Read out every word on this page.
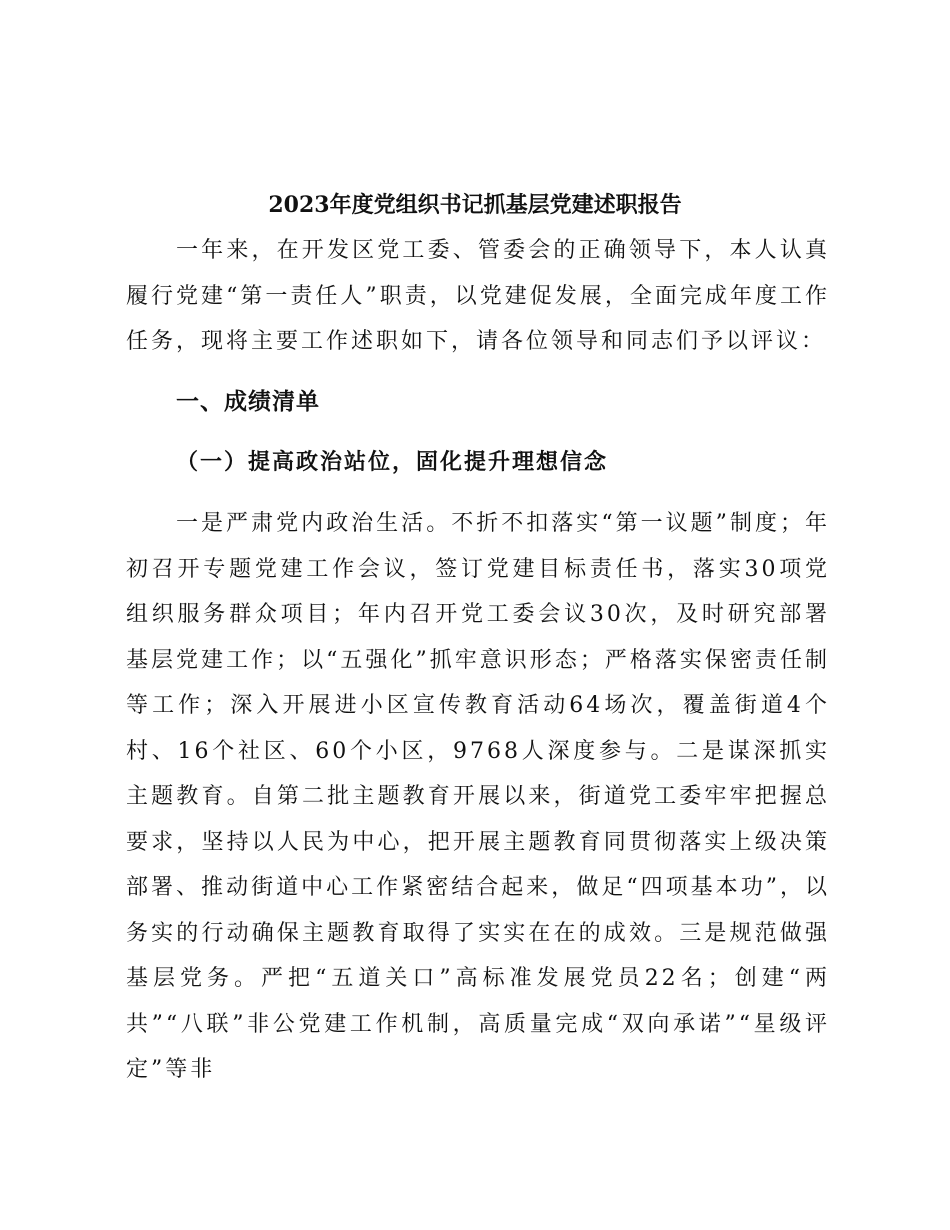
2023年度党组织书记抓基层党建述职报告

一年来，在开发区党工委、管委会的正确领导下，本人认真履行党建“第一责任人”职责，以党建促发展，全面完成年度工作任务，现将主要工作述职如下，请各位领导和同志们予以评议：

一、成绩清单
（一）提高政治站位，固化提升理想信念

一是严肃党内政治生活。不折不扣落实“第一议题”制度；年初召开专题党建工作会议，签订党建目标责任书，落实30项党组织服务群众项目；年内召开党工委会议30次，及时研究部署基层党建工作；以“五强化”抓牢意识形态；严格落实保密责任制等工作；深入开展进小区宣传教育活动64场次，覆盖街道4个村、16个社区、60个小区，9768人深度参与。二是谋深抓实主题教育。自第二批主题教育开展以来，街道党工委牢牢把握总要求，坚持以人民为中心，把开展主题教育同贯彻落实上级决策部署、推动街道中心工作紧密结合起来，做足“四项基本功”，以务实的行动确保主题教育取得了实实在在的成效。三是规范做强基层党务。严把“五道关口”高标准发展党员22名；创建“两共”“八联”非公党建工作机制，高质量完成“双向承诺”“星级评定”等非
